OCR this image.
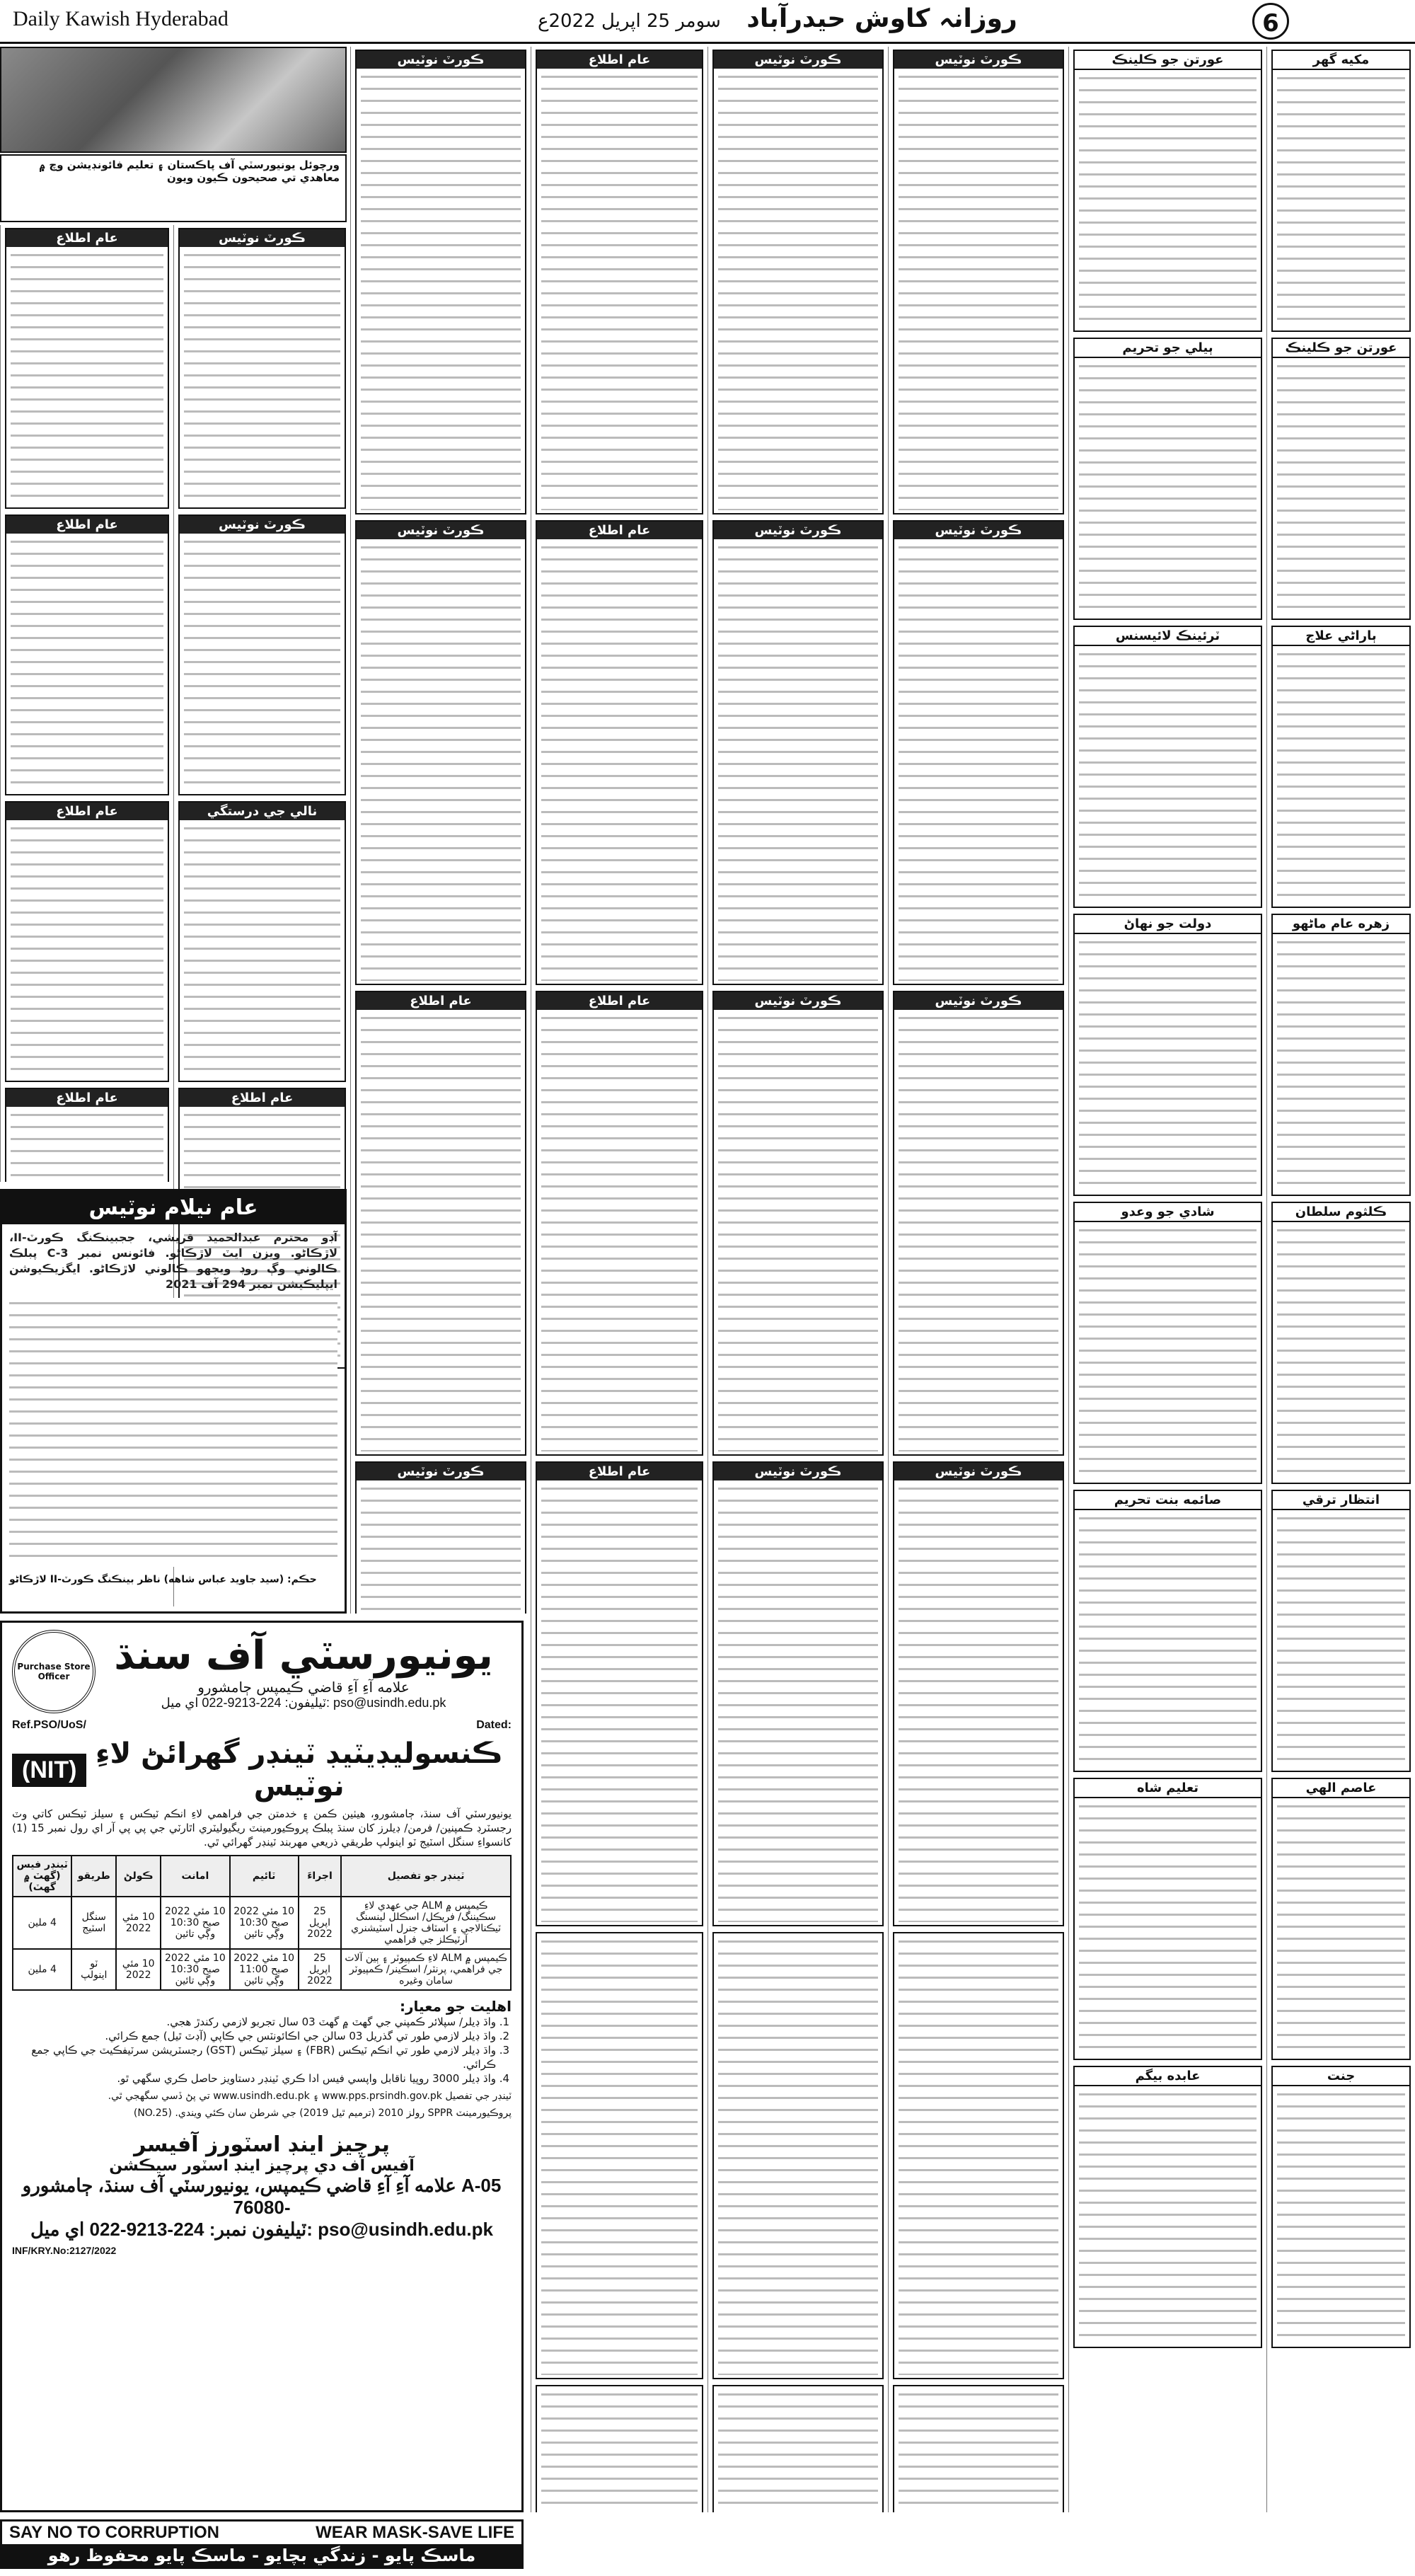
Daily Kawish Hyderabad	روزانہ کاوش حیدرآباد سومر 25 اپریل 2022ع	6
مکيه گهر
عورتن جو ڪلينڪ
ٻاراڻي علاج
زهره عام ماڻهو
ڪلثوم سلطان
انتظار ترقي
عاصم الهي
جنت
عورتن جو ڪلينڪ
ٻيلي جو تحريم
ٽرئينڪ لائيسنس
دولت جو نهاڻ
شادي جو وعدو
صائمه بنت تحريم
تعليم شاه
عابده بيگم
ڪورٽ نوٽيس
ڪورٽ نوٽيس
ڪورٽ نوٽيس
ڪورٽ نوٽيس
ڪورٽ نوٽيس
ڪورٽ نوٽيس
ڪورٽ نوٽيس
ڪورٽ نوٽيس
عام اطلاع
عام اطلاع
عام اطلاع
عام اطلاع
ڪورٽ نوٽيس
ڪورٽ نوٽيس
عام اطلاع
ڪورٽ نوٽيس
ورچوئل يونيورسٽي آف پاڪستان ۽ تعليم فائونڊيشن وچ ۾ معاهدي تي صحيحون ڪيون ويون
ڪورٽ نوٽيس
ڪورٽ نوٽيس
نالي جي درستگي
عام اطلاع
عام اطلاع
عام اطلاع
عام اطلاع
عام اطلاع
عام نيلام نوٽيس
آڊو محترم عبدالحميد قريشي، ججبينڪنگ ڪورٽ-II، لاڙڪاڻو. ويزن ايٽ لاڙڪاڻو. فائونس نمبر C-3 پبلڪ ڪالوني وڳ روڊ ويجهو ڪالوني لاڙڪاڻو. ايگزيڪيوشن ايپليڪيشن نمبر 294 آف 2021
حڪم: (سيد جاويد عباس شاهه) ناظر بينڪنگ ڪورٽ-II لاڙڪاڻو
Purchase Store Officer	يونيورسٽي آف سنڌ
علامه آءِ آءِ قاضي ڪيمپس ڄامشورو
ٽيليفون: 224-9213-022 اي ميل: pso@usindh.edu.pk
Ref.PSO/UoS/	Dated:
(NIT) ڪنسوليڊيٽيڊ ٽينڊر گهرائڻ لاءِ نوٽيس
يونيورسٽي آف سنڌ، ڄامشورو، هيٺين ڪمن ۽ خدمتن جي فراهمي لاءِ انڪم ٽيڪس ۽ سيلز ٽيڪس کاتي وٽ رجسٽرڊ ڪمپنين/ فرمن/ ڊيلرز کان سنڌ پبلڪ پروڪيورمينٽ ريگيوليٽري اٿارٽي جي پي پي آر اي رول نمبر 15 (1) کانسواءِ سنگل اسٽيج ٽو اينولپ طريقي ذريعي مهربند ٽينڊر گهرائي ٿي.
ٽينڊر جو تفصيل	اجراءَ	ٽائيم	امانت	ڪولڻ	طريقو	ٽينڊر فيس (گهٽ ۾ گهٽ)
ڪيمپس ۾ ALM جي عهدي لاءِ سڪيننگ/ فريڪل/ اسڪلل لينسنگ ٽيڪنالاجي ۽ اسٽاف جنرل اسٽيشنري آرٽيڪلز جي فراهمي	25 اپريل 2022	10 مئي 2022 صبح 10:30 وڳي تائين	10 مئي 2022 صبح 10:30 وڳي تائين	10 مئي 2022	سنگل اسٽيج	4 ملين
ڪيمپس ۾ ALM لاءِ ڪمپيوٽر ۽ ٻين آلات جي فراهمي، پرنٽر/ اسڪينر/ ڪمپيوٽر سامان وغيره	25 اپريل 2022	10 مئي 2022 صبح 11:00 وڳي تائين	10 مئي 2022 صبح 10:30 وڳي تائين	10 مئي 2022	ٽو اينولپ	4 ملين
اهليت جو معيار:
1. واڌ ڊيلر/ سپلائر ڪمپني جي گهٽ ۾ گهٽ 03 سال تجربو لازمي رکندڙ هجي.
2. واڌ ڊيلر لازمي طور تي گذريل 03 سالن جي اڪائونٽس جي ڪاپي (آڊٽ ٿيل) جمع ڪرائي.
3. واڌ ڊيلر لازمي طور تي انڪم ٽيڪس (FBR) ۽ سيلز ٽيڪس (GST) رجسٽريشن سرٽيفڪيٽ جي ڪاپي جمع ڪرائي.
4. واڌ ڊيلر 3000 روپيا ناقابل واپسي فيس ادا ڪري ٽينڊر دستاويز حاصل ڪري سگهي ٿو.
ٽينڊر جي تفصيل www.pps.prsindh.gov.pk ۽ www.usindh.edu.pk تي پڻ ڏسي سگهجي ٿي.
پروڪيورمينٽ SPPR رولز 2010 (ترميم ٿيل 2019) جي شرطن سان ڪئي ويندي. (NO.25)
پرچيز اينڊ اسٽورز آفيسر
آفيس آف دي پرچيز اينڊ اسٽور سيڪشن
A-05 علامه آءِ آءِ قاضي ڪيمپس، يونيورسٽي آف سنڌ، ڄامشورو -76080
ٽيليفون نمبر: 224-9213-022 اي ميل: pso@usindh.edu.pk
INF/KRY.No:2127/2022
SAY NO TO CORRUPTION	WEAR MASK-SAVE LIFE
ماسڪ پايو - زندگي بچايو - ماسڪ پايو محفوظ رهو
